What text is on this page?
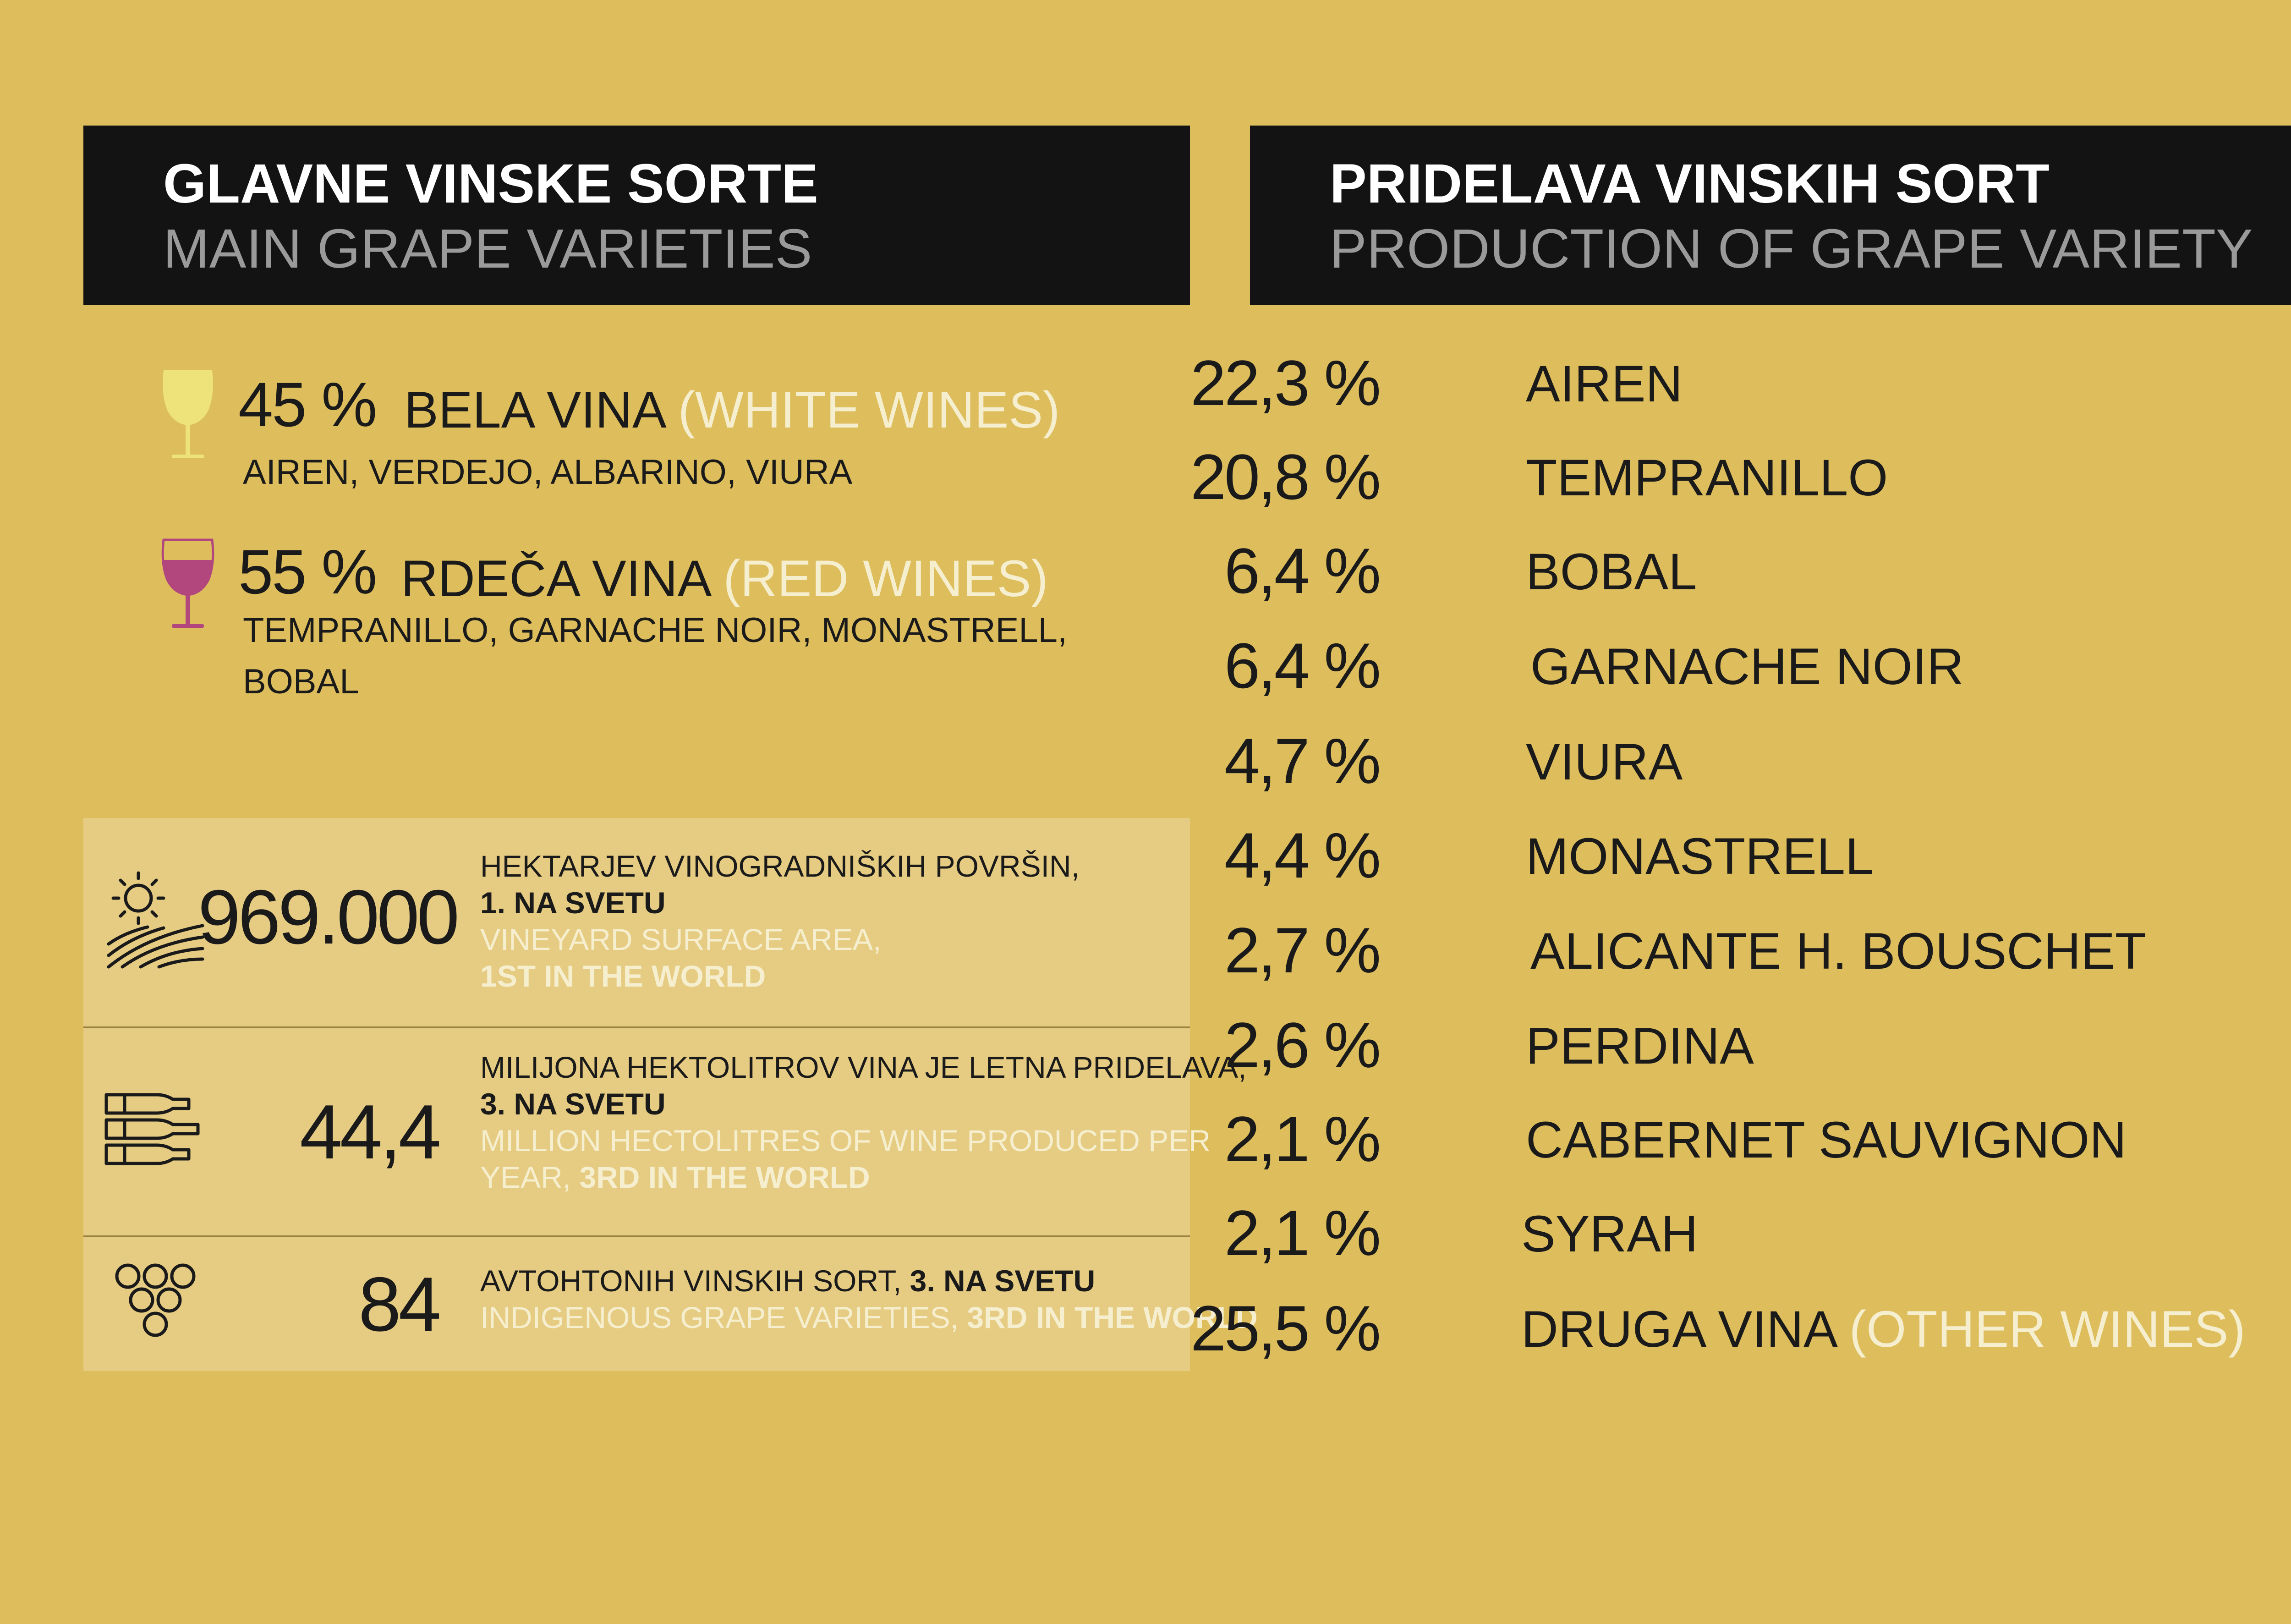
GLAVNE VINSKE SORTE
MAIN GRAPE VARIETIES
PRIDELAVA VINSKIH SORT
PRODUCTION OF GRAPE VARIETY
45 % BELA VINA (WHITE WINES)
AIREN, VERDEJO, ALBARINO, VIURA
55 % RDEČA VINA (RED WINES)
TEMPRANILLO, GARNACHE NOIR, MONASTRELL,
BOBAL
969.000
HEKTARJEV VINOGRADNIŠKIH POVRŠIN,
1. NA SVETU
VINEYARD SURFACE AREA,
1ST IN THE WORLD
44,4
MILIJONA HEKTOLITROV VINA JE LETNA PRIDELAVA,
3. NA SVETU
MILLION HECTOLITRES OF WINE PRODUCED PER
YEAR, 3RD IN THE WORLD
84 AVTOHTONIH VINSKIH SORT, 3. NA SVETU
INDIGENOUS GRAPE VARIETIES, 3RD IN THE WORLD
22,3 %	AIREN
20,8 %	TEMPRANILLO
6,4 %	BOBAL
6,4 %	GARNACHE NOIR
4,7 %	VIURA
4,4 %	MONASTRELL
2,7 %	ALICANTE H. BOUSCHET
2,6 %	PERDINA
2,1 %	CABERNET SAUVIGNON
2,1 %	SYRAH
25,5 %	DRUGA VINA (OTHER WINES)
